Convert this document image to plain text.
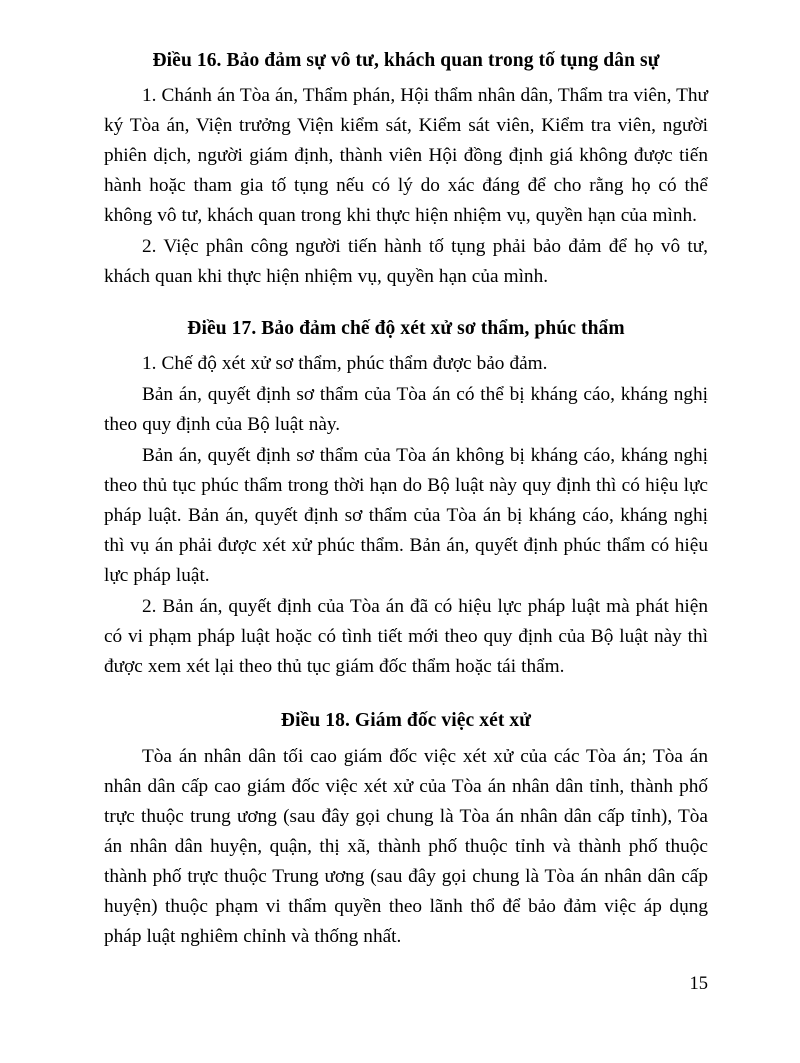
Điều 16. Bảo đảm sự vô tư, khách quan trong tố tụng dân sự

1. Chánh án Tòa án, Thẩm phán, Hội thẩm nhân dân, Thẩm tra viên, Thư ký Tòa án, Viện trưởng Viện kiểm sát, Kiểm sát viên, Kiểm tra viên, người phiên dịch, người giám định, thành viên Hội đồng định giá không được tiến hành hoặc tham gia tố tụng nếu có lý do xác đáng để cho rằng họ có thể không vô tư, khách quan trong khi thực hiện nhiệm vụ, quyền hạn của mình.

2. Việc phân công người tiến hành tố tụng phải bảo đảm để họ vô tư, khách quan khi thực hiện nhiệm vụ, quyền hạn của mình.

Điều 17. Bảo đảm chế độ xét xử sơ thẩm, phúc thẩm

1. Chế độ xét xử sơ thẩm, phúc thẩm được bảo đảm.

Bản án, quyết định sơ thẩm của Tòa án có thể bị kháng cáo, kháng nghị theo quy định của Bộ luật này.

Bản án, quyết định sơ thẩm của Tòa án không bị kháng cáo, kháng nghị theo thủ tục phúc thẩm trong thời hạn do Bộ luật này quy định thì có hiệu lực pháp luật. Bản án, quyết định sơ thẩm của Tòa án bị kháng cáo, kháng nghị thì vụ án phải được xét xử phúc thẩm. Bản án, quyết định phúc thẩm có hiệu lực pháp luật.

2. Bản án, quyết định của Tòa án đã có hiệu lực pháp luật mà phát hiện có vi phạm pháp luật hoặc có tình tiết mới theo quy định của Bộ luật này thì được xem xét lại theo thủ tục giám đốc thẩm hoặc tái thẩm.

Điều 18. Giám đốc việc xét xử

Tòa án nhân dân tối cao giám đốc việc xét xử của các Tòa án; Tòa án nhân dân cấp cao giám đốc việc xét xử của Tòa án nhân dân tỉnh, thành phố trực thuộc trung ương (sau đây gọi chung là Tòa án nhân dân cấp tỉnh), Tòa án nhân dân huyện, quận, thị xã, thành phố thuộc tỉnh và thành phố thuộc thành phố trực thuộc Trung ương (sau đây gọi chung là Tòa án nhân dân cấp huyện) thuộc phạm vi thẩm quyền theo lãnh thổ để bảo đảm việc áp dụng pháp luật nghiêm chỉnh và thống nhất.

15
